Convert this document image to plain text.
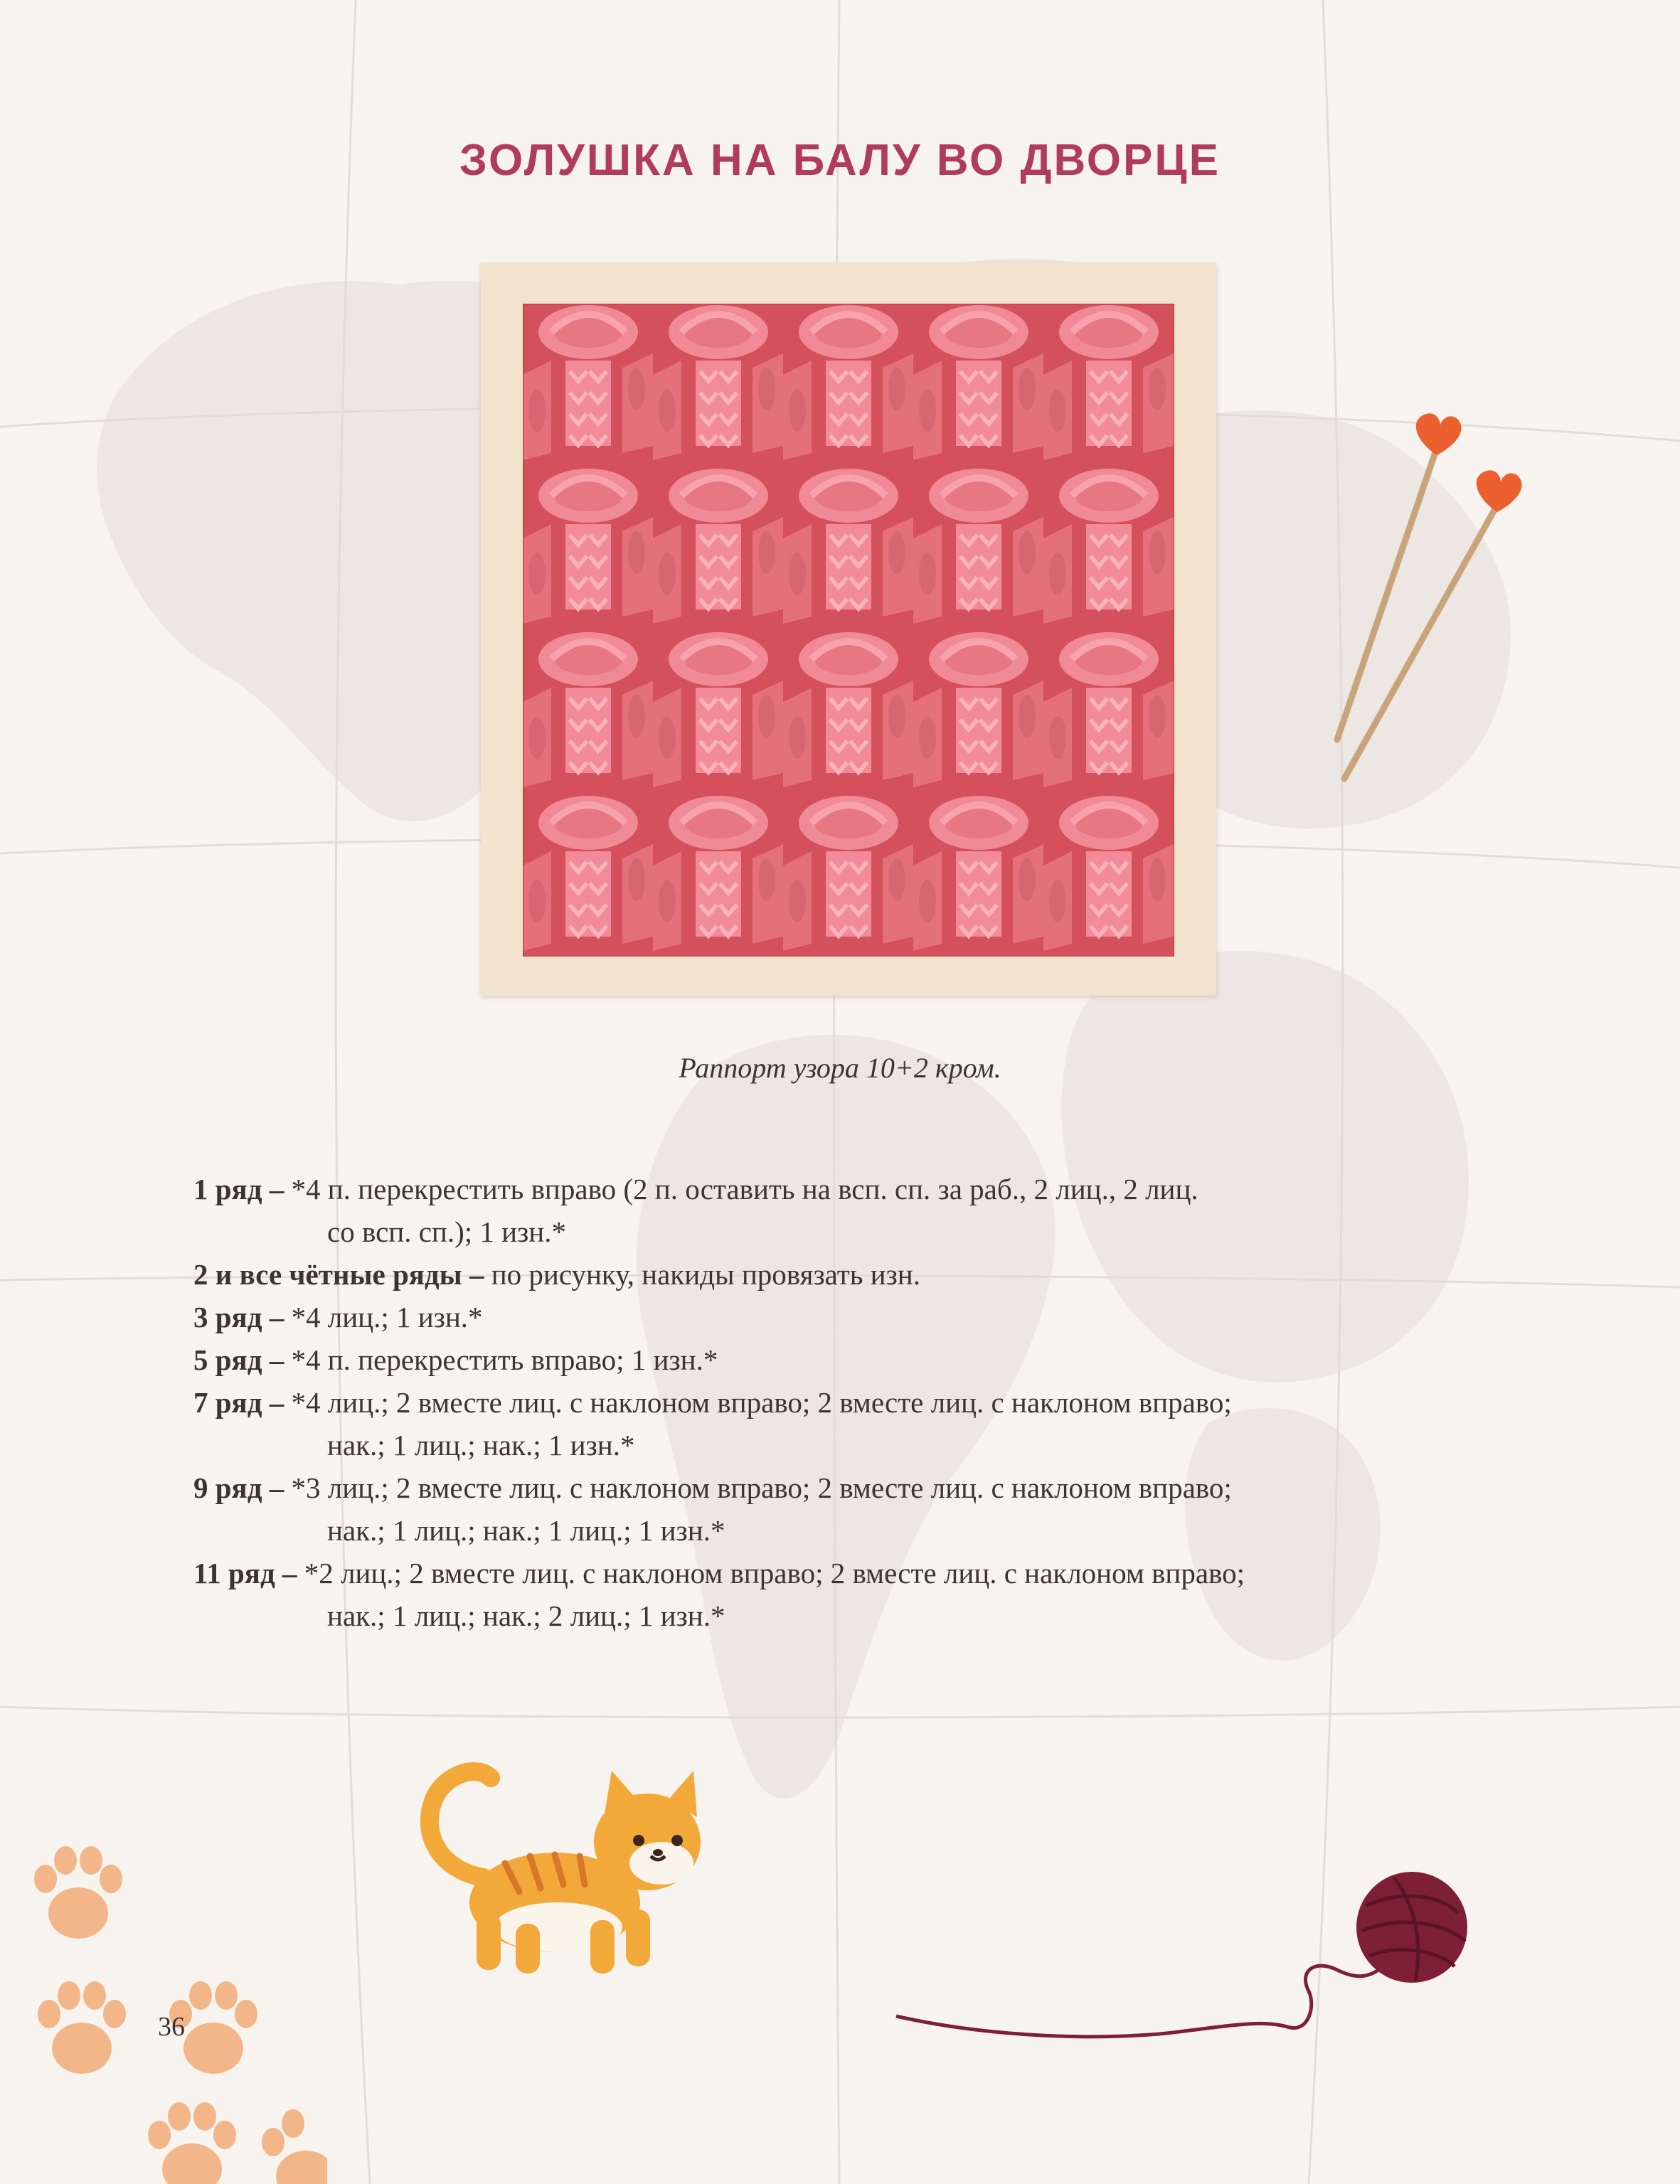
ЗОЛУШКА НА БАЛУ ВО ДВОРЦЕ
Раппорт узора 10+2 кром.
1 ряд –
*4 п. перекрестить вправо (2 п. оставить на всп. сп. за раб., 2 лиц., 2 лиц.
со всп. сп.); 1 изн.*
2 и все чётные ряды –
по рисунку, накиды провязать изн.
3 ряд –
*4 лиц.; 1 изн.*
5 ряд –
*4 п. перекрестить вправо; 1 изн.*
7 ряд –
*4 лиц.; 2 вместе лиц. с наклоном вправо; 2 вместе лиц. с наклоном вправо;
нак.; 1 лиц.; нак.; 1 изн.*
9 ряд –
*3 лиц.; 2 вместе лиц. с наклоном вправо; 2 вместе лиц. с наклоном вправо;
нак.; 1 лиц.; нак.; 1 лиц.; 1 изн.*
11 ряд –
*2 лиц.; 2 вместе лиц. с наклоном вправо; 2 вместе лиц. с наклоном вправо;
нак.; 1 лиц.; нак.; 2 лиц.; 1 изн.*
36
